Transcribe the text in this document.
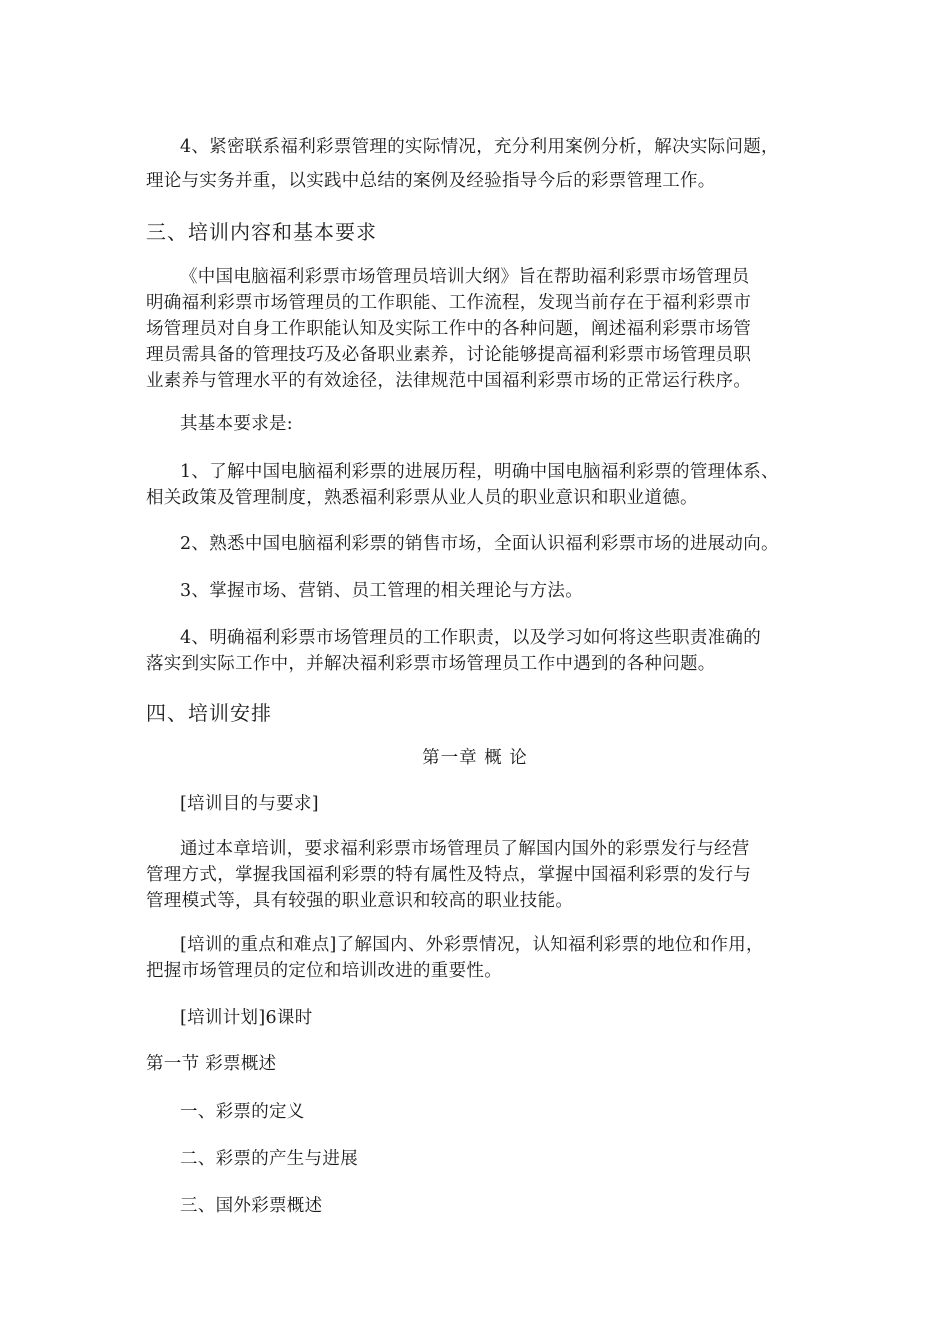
4、紧密联系福利彩票管理的实际情况，充分利用案例分析，解决实际问题，
理论与实务并重，以实践中总结的案例及经验指导今后的彩票管理工作。

三、培训内容和基本要求

《中国电脑福利彩票市场管理员培训大纲》旨在帮助福利彩票市场管理员
明确福利彩票市场管理员的工作职能、工作流程，发现当前存在于福利彩票市
场管理员对自身工作职能认知及实际工作中的各种问题，阐述福利彩票市场管
理员需具备的管理技巧及必备职业素养，讨论能够提高福利彩票市场管理员职
业素养与管理水平的有效途径，法律规范中国福利彩票市场的正常运行秩序。

其基本要求是:

1、了解中国电脑福利彩票的进展历程，明确中国电脑福利彩票的管理体系、
相关政策及管理制度，熟悉福利彩票从业人员的职业意识和职业道德。

2、熟悉中国电脑福利彩票的销售市场，全面认识福利彩票市场的进展动向。

3、掌握市场、营销、员工管理的相关理论与方法。

4、明确福利彩票市场管理员的工作职责，以及学习如何将这些职责准确的
落实到实际工作中，并解决福利彩票市场管理员工作中遇到的各种问题。

四、培训安排

第一章 概 论

[培训目的与要求]

通过本章培训，要求福利彩票市场管理员了解国内国外的彩票发行与经营
管理方式，掌握我国福利彩票的特有属性及特点，掌握中国福利彩票的发行与
管理模式等，具有较强的职业意识和较高的职业技能。

[培训的重点和难点]了解国内、外彩票情况，认知福利彩票的地位和作用，
把握市场管理员的定位和培训改进的重要性。

[培训计划]6课时

第一节 彩票概述

一、彩票的定义

二、彩票的产生与进展

三、国外彩票概述
